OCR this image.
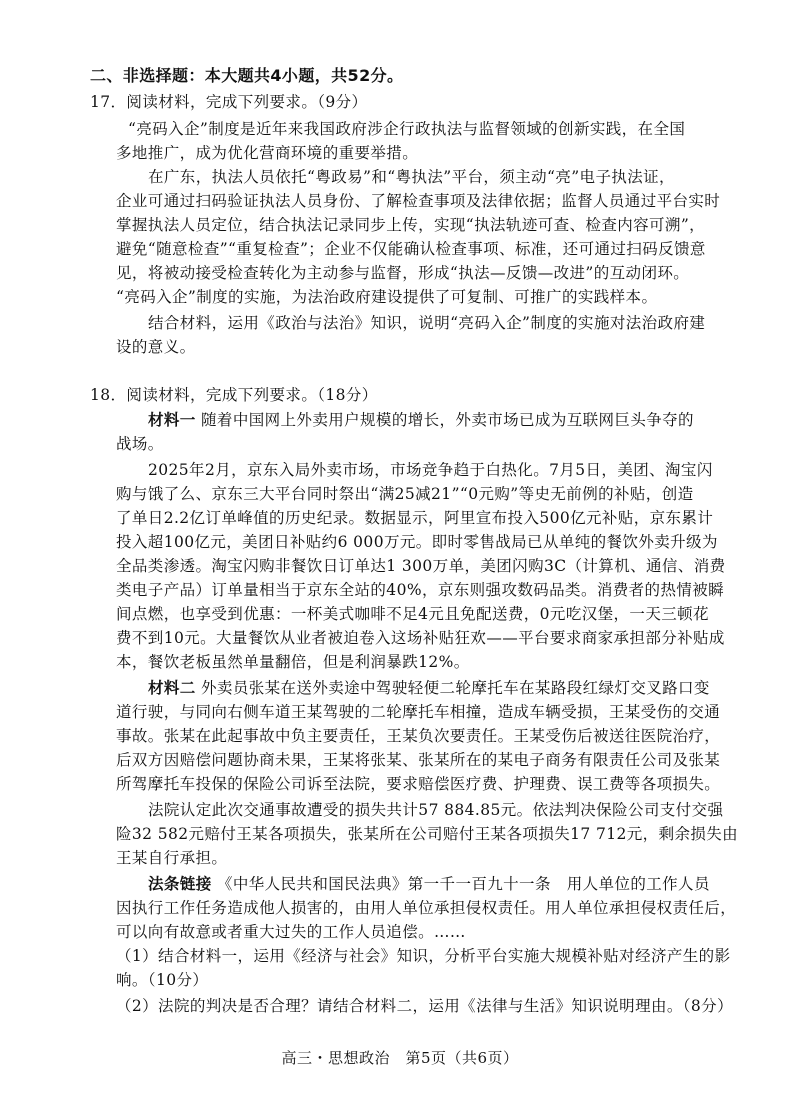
二、非选择题：本大题共4小题，共52分。
17．阅读材料，完成下列要求。（9分）
“亮码入企”制度是近年来我国政府涉企行政执法与监督领域的创新实践，在全国
多地推广，成为优化营商环境的重要举措。
在广东，执法人员依托“粤政易”和“粤执法”平台，须主动“亮”电子执法证，
企业可通过扫码验证执法人员身份、了解检查事项及法律依据；监督人员通过平台实时
掌握执法人员定位，结合执法记录同步上传，实现“执法轨迹可查、检查内容可溯”，
避免“随意检查”“重复检查”；企业不仅能确认检查事项、标准，还可通过扫码反馈意
见，将被动接受检查转化为主动参与监督，形成“执法—反馈—改进”的互动闭环。
“亮码入企”制度的实施，为法治政府建设提供了可复制、可推广的实践样本。
结合材料，运用《政治与法治》知识，说明“亮码入企”制度的实施对法治政府建
设的意义。
18．阅读材料，完成下列要求。（18分）
材料一 随着中国网上外卖用户规模的增长，外卖市场已成为互联网巨头争夺的
战场。
2025年2月，京东入局外卖市场，市场竞争趋于白热化。7月5日，美团、淘宝闪
购与饿了么、京东三大平台同时祭出“满25减21”“0元购”等史无前例的补贴，创造
了单日2.2亿订单峰值的历史纪录。数据显示，阿里宣布投入500亿元补贴，京东累计
投入超100亿元，美团日补贴约6 000万元。即时零售战局已从单纯的餐饮外卖升级为
全品类渗透。淘宝闪购非餐饮日订单达1 300万单，美团闪购3C（计算机、通信、消费
类电子产品）订单量相当于京东全站的40%，京东则强攻数码品类。消费者的热情被瞬
间点燃，也享受到优惠：一杯美式咖啡不足4元且免配送费，0元吃汉堡，一天三顿花
费不到10元。大量餐饮从业者被迫卷入这场补贴狂欢——平台要求商家承担部分补贴成
本，餐饮老板虽然单量翻倍，但是利润暴跌12%。
材料二 外卖员张某在送外卖途中驾驶轻便二轮摩托车在某路段红绿灯交叉路口变
道行驶，与同向右侧车道王某驾驶的二轮摩托车相撞，造成车辆受损，王某受伤的交通
事故。张某在此起事故中负主要责任，王某负次要责任。王某受伤后被送往医院治疗，
后双方因赔偿问题协商未果，王某将张某、张某所在的某电子商务有限责任公司及张某
所驾摩托车投保的保险公司诉至法院，要求赔偿医疗费、护理费、误工费等各项损失。
法院认定此次交通事故遭受的损失共计57 884.85元。依法判决保险公司支付交强
险32 582元赔付王某各项损失，张某所在公司赔付王某各项损失17 712元，剩余损失由
王某自行承担。
法条链接 《中华人民共和国民法典》第一千一百九十一条　用人单位的工作人员
因执行工作任务造成他人损害的，由用人单位承担侵权责任。用人单位承担侵权责任后，
可以向有故意或者重大过失的工作人员追偿。……
（1）结合材料一，运用《经济与社会》知识，分析平台实施大规模补贴对经济产生的影
响。（10分）
（2）法院的判决是否合理？请结合材料二，运用《法律与生活》知识说明理由。（8分）
高三・思想政治　第5页（共6页）
